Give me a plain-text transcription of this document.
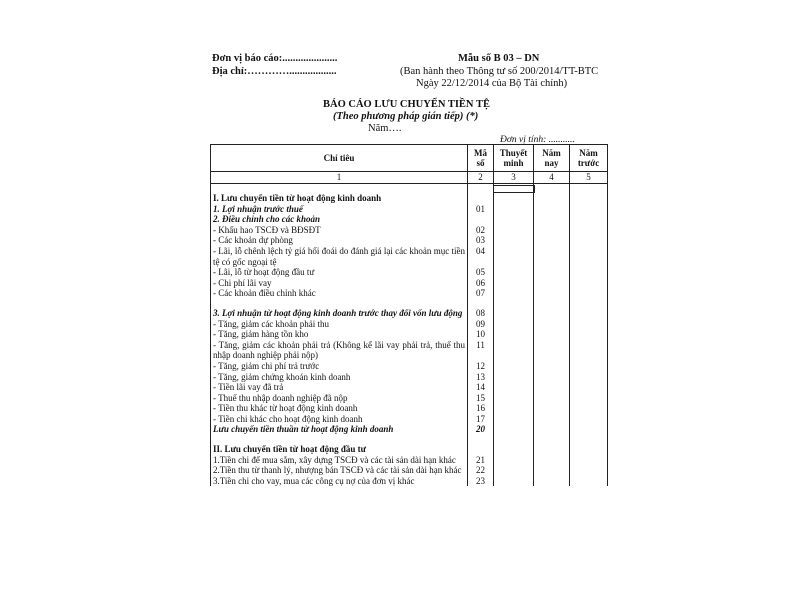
Đơn vị báo cáo:.....................
Địa chỉ:…………..................
Mẫu số B 03 – DN
(Ban hành theo Thông tư số 200/2014/TT-BTC
Ngày 22/12/2014 của Bộ Tài chính)
BÁO CÁO LƯU CHUYỂN TIỀN TỆ
(Theo phương pháp gián tiếp) (*)
Năm….
Đơn vị tính: ...........
Chỉ tiêu	Mã số	Thuyết minh	Năm nay	Năm trước
1	2	3	4	5

I. Lưu chuyển tiền từ hoạt động kinh doanh				
1. Lợi nhuận trước thuế	01			
2. Điều chỉnh cho các khoản				
- Khấu hao TSCĐ và BĐSĐT	02			
- Các khoản dự phòng	03			
- Lãi, lỗ chênh lệch tỷ giá hối đoái do đánh giá lại các khoản mục tiền tệ có gốc ngoại tệ	04			
- Lãi, lỗ từ hoạt động đầu tư	05			
- Chi phí lãi vay	06			
- Các khoản điều chỉnh khác	07			

3. Lợi nhuận từ hoạt động kinh doanh trước thay đổi vốn lưu động	08			
- Tăng, giảm các khoản phải thu	09			
- Tăng, giảm hàng tồn kho	10			
- Tăng, giảm các khoản phải trả (Không kể lãi vay phải trả, thuế thu nhập doanh nghiệp phải nộp)	11			
- Tăng, giảm chi phí trả trước	12			
- Tăng, giảm chứng khoán kinh doanh	13			
- Tiền lãi vay đã trả	14			
- Thuế thu nhập doanh nghiệp đã nộp	15			
- Tiền thu khác từ hoạt động kinh doanh	16			
- Tiền chi khác cho hoạt động kinh doanh	17			
Lưu chuyển tiền thuần từ hoạt động kinh doanh	20			

II. Lưu chuyển tiền từ hoạt động đầu tư				
1.Tiền chi để mua sắm, xây dựng TSCĐ và các tài sản dài hạn khác	21			
2.Tiền thu từ thanh lý, nhượng bán TSCĐ và các tài sản dài hạn khác	22			
3.Tiền chi cho vay, mua các công cụ nợ của đơn vị khác	23			
